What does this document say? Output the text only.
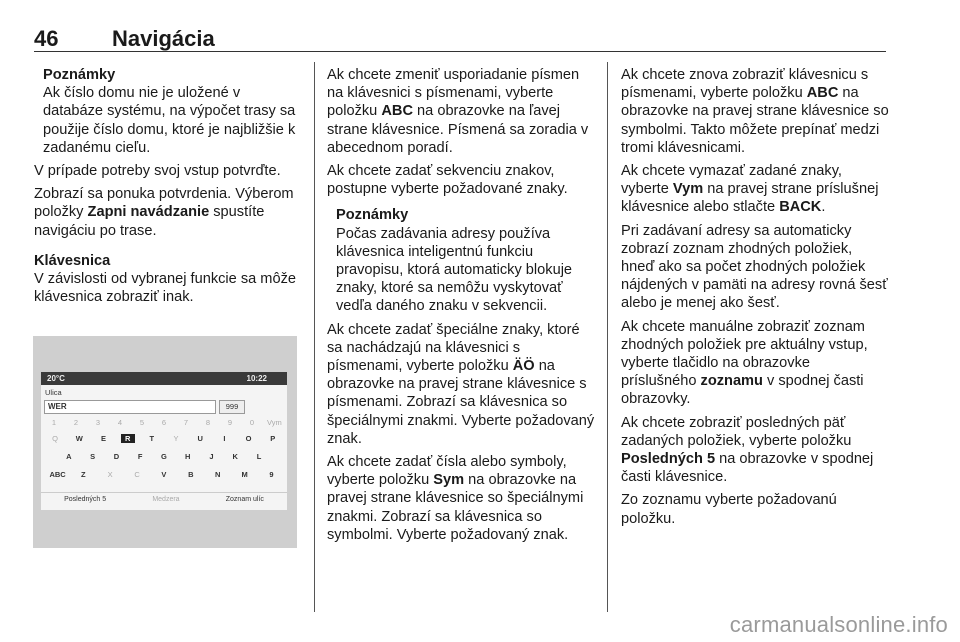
46 Navigácia
Poznámky

Ak číslo domu nie je uložené v databáze systému, na výpočet trasy sa použije číslo domu, ktoré je najbližšie k zadanému cieľu.

V prípade potreby svoj vstup potvrďte.

Zobrazí sa ponuka potvrdenia. Výberom položky Zapni navádzanie spustíte navigáciu po trase.

Klávesnica

V závislosti od vybranej funkcie sa môže klávesnica zobraziť inak.

20°C	10:22
Ulica
WER	999
1	2	3	4	5	6	7	8	9	0	Vym
Q	W	E	R	T	Y	U	I	O	P
A	S	D	F	G	H	J	K	L
ABC	Z	X	C	V	B	N	M	9
Posledných 5	Medzera	Zoznam ulíc

Ak chcete zmeniť usporiadanie písmen na klávesnici s písmenami, vyberte položku ABC na obrazovke na ľavej strane klávesnice. Písmená sa zoradia v abecednom poradí.

Ak chcete zadať sekvenciu znakov, postupne vyberte požadované znaky.

Poznámky

Počas zadávania adresy používa klávesnica inteligentnú funkciu pravopisu, ktorá automaticky blokuje znaky, ktoré sa nemôžu vyskytovať vedľa daného znaku v sekvencii.

Ak chcete zadať špeciálne znaky, ktoré sa nachádzajú na klávesnici s písmenami, vyberte položku ÄÖ na obrazovke na pravej strane klávesnice s písmenami. Zobrazí sa klávesnica so špeciálnymi znakmi. Vyberte požadovaný znak.

Ak chcete zadať čísla alebo symboly, vyberte položku Sym na obrazovke na pravej strane klávesnice so špeciálnymi znakmi. Zobrazí sa klávesnica so symbolmi. Vyberte požadovaný znak.

Ak chcete znova zobraziť klávesnicu s písmenami, vyberte položku ABC na obrazovke na pravej strane klávesnice so symbolmi. Takto môžete prepínať medzi tromi klávesnicami.

Ak chcete vymazať zadané znaky, vyberte Vym na pravej strane príslušnej klávesnice alebo stlačte BACK.

Pri zadávaní adresy sa automaticky zobrazí zoznam zhodných položiek, hneď ako sa počet zhodných položiek nájdených v pamäti na adresy rovná šesť alebo je menej ako šesť.

Ak chcete manuálne zobraziť zoznam zhodných položiek pre aktuálny vstup, vyberte tlačidlo na obrazovke príslušného zoznamu v spodnej časti obrazovky.

Ak chcete zobraziť posledných päť zadaných položiek, vyberte položku Posledných 5 na obrazovke v spodnej časti klávesnice.

Zo zoznamu vyberte požadovanú položku.

carmanualsonline.info
